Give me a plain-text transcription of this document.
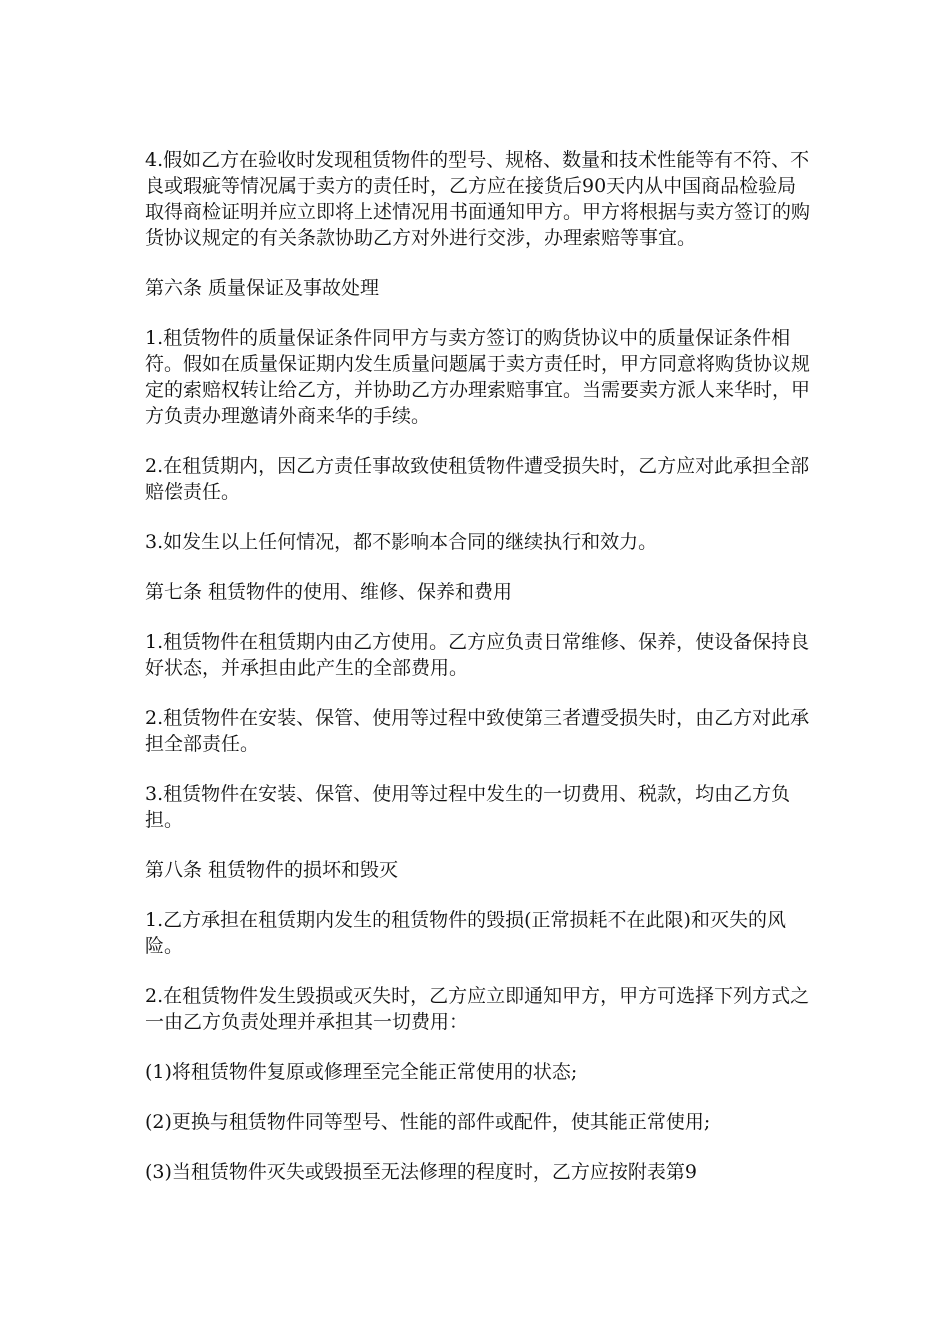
4.假如乙方在验收时发现租赁物件的型号、规格、数量和技术性能等有不符、不良或瑕疵等情况属于卖方的责任时，乙方应在接货后90天内从中国商品检验局取得商检证明并应立即将上述情况用书面通知甲方。甲方将根据与卖方签订的购货协议规定的有关条款协助乙方对外进行交涉，办理索赔等事宜。

第六条 质量保证及事故处理

1.租赁物件的质量保证条件同甲方与卖方签订的购货协议中的质量保证条件相符。假如在质量保证期内发生质量问题属于卖方责任时，甲方同意将购货协议规定的索赔权转让给乙方，并协助乙方办理索赔事宜。当需要卖方派人来华时，甲方负责办理邀请外商来华的手续。

2.在租赁期内，因乙方责任事故致使租赁物件遭受损失时，乙方应对此承担全部赔偿责任。

3.如发生以上任何情况，都不影响本合同的继续执行和效力。

第七条 租赁物件的使用、维修、保养和费用

1.租赁物件在租赁期内由乙方使用。乙方应负责日常维修、保养，使设备保持良好状态，并承担由此产生的全部费用。

2.租赁物件在安装、保管、使用等过程中致使第三者遭受损失时，由乙方对此承担全部责任。

3.租赁物件在安装、保管、使用等过程中发生的一切费用、税款，均由乙方负担。

第八条 租赁物件的损坏和毁灭

1.乙方承担在租赁期内发生的租赁物件的毁损(正常损耗不在此限)和灭失的风险。

2.在租赁物件发生毁损或灭失时，乙方应立即通知甲方，甲方可选择下列方式之一由乙方负责处理并承担其一切费用：

(1)将租赁物件复原或修理至完全能正常使用的状态;

(2)更换与租赁物件同等型号、性能的部件或配件，使其能正常使用;

(3)当租赁物件灭失或毁损至无法修理的程度时，乙方应按附表第9
